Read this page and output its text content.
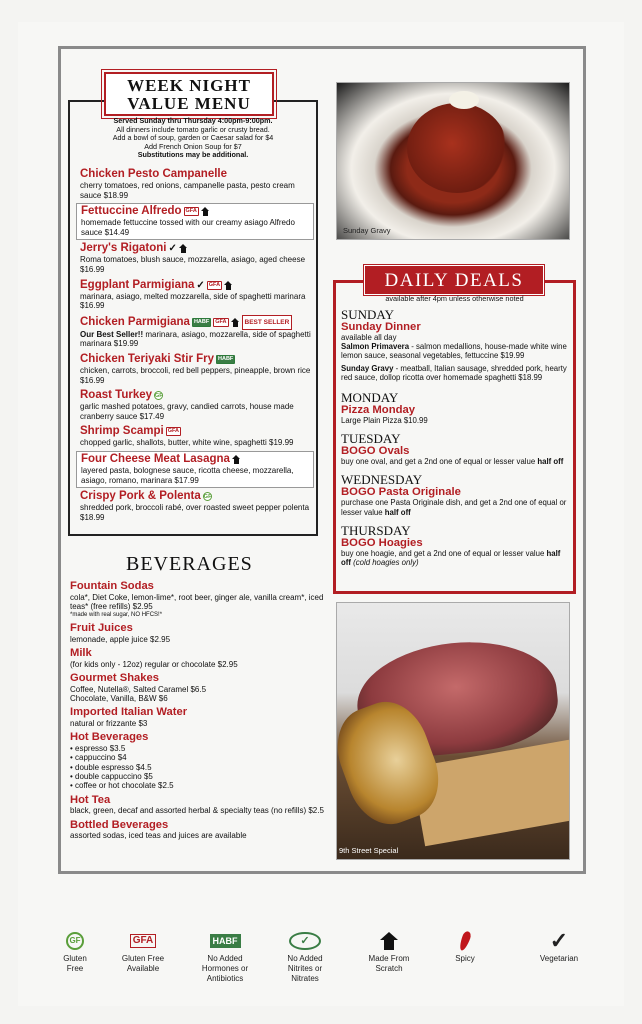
WEEK NIGHT
VALUE MENU
Served Sunday thru Thursday 4:00pm-9:00pm.
All dinners include tomato garlic or crusty bread.
Add a bowl of soup, garden or Caesar salad for $4
Add French Onion Soup for $7
Substitutions may be additional.
Chicken Pesto Campanelle
cherry tomatoes, red onions, campanelle pasta, pesto cream sauce $18.99
Fettuccine Alfredo GFA
homemade fettuccine tossed with our creamy asiago Alfredo sauce $14.49
Jerry's Rigatoni ✓
Roma tomatoes, blush sauce, mozzarella, asiago, aged cheese $16.99
Eggplant Parmigiana ✓ GFA
marinara, asiago, melted mozzarella, side of spaghetti marinara $16.99
Chicken Parmigiana HABF	GFA	BEST SELLER
Our Best Seller!! marinara, asiago, mozzarella, side of spaghetti marinara $19.99
Chicken Teriyaki Stir Fry HABF
chicken, carrots, broccoli, red bell peppers, pineapple, brown rice $16.99
Roast Turkey GF
garlic mashed potatoes, gravy, candied carrots, house made cranberry sauce $17.49
Shrimp Scampi GFA
chopped garlic, shallots, butter, white wine, spaghetti $19.99
Four Cheese Meat Lasagna
layered pasta, bolognese sauce, ricotta cheese, mozzarella, asiago, romano, marinara $17.99
Crispy Pork & Polenta GF
shredded pork, broccoli rabé, over roasted sweet pepper polenta $18.99
BEVERAGES
Fountain Sodas
cola*, Diet Coke, lemon-lime*, root beer, ginger ale, vanilla cream*, iced teas* (free refills) $2.95
*made with real sugar, NO HFCS!*
Fruit Juices
lemonade, apple juice $2.95
Milk
(for kids only - 12oz) regular or chocolate $2.95
Gourmet Shakes
Coffee, Nutella®, Salted Caramel $6.5
Chocolate, Vanilla, B&W $6
Imported Italian Water
natural or frizzante $3
Hot Beverages
• espresso $3.5
• cappuccino $4
• double espresso $4.5
• double cappuccino $5
• coffee or hot chocolate $2.5
Hot Tea
black, green, decaf and assorted herbal & specialty teas (no refills) $2.5
Bottled Beverages
assorted sodas, iced teas and juices are available
Sunday Gravy
DAILY DEALS
available after 4pm unless otherwise noted
SUNDAY
Sunday Dinner
available all day
Salmon Primavera - salmon medallions, house-made white wine lemon sauce, seasonal vegetables, fettuccine $19.99
Sunday Gravy - meatball, Italian sausage, shredded pork, hearty red sauce, dollop ricotta over homemade spaghetti $18.99
MONDAY
Pizza Monday
Large Plain Pizza $10.99
TUESDAY
BOGO Ovals
buy one oval, and get a 2nd one of equal or lesser value half off
WEDNESDAY
BOGO Pasta Originale
purchase one Pasta Originale dish, and get a 2nd one of equal or lesser value half off
THURSDAY
BOGO Hoagies
buy one hoagie, and get a 2nd one of equal or lesser value half off (cold hoagies only)
9th Street Special
GF
Gluten
Free
GFA
Gluten Free
Available
HABF
No Added
Hormones or
Antibiotics
✓
No Added
Nitrites or
Nitrates
Made From
Scratch
Spicy
✓
Vegetarian
